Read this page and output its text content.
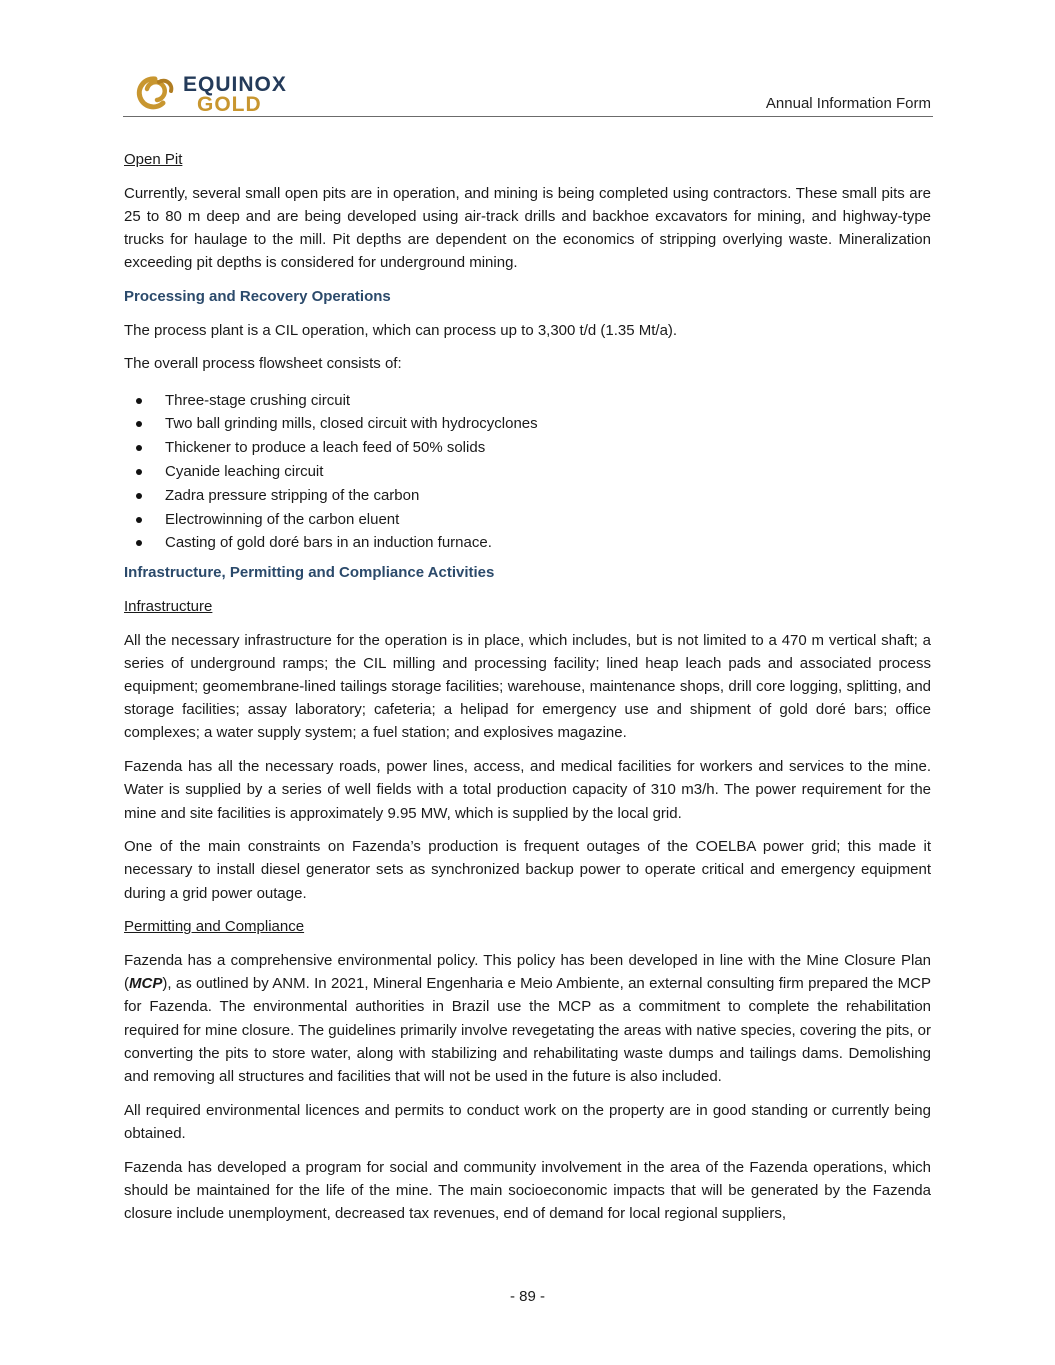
EQUINOX
GOLD	Annual Information Form
Open Pit

Currently, several small open pits are in operation, and mining is being completed using contractors. These small pits are 25 to 80 m deep and are being developed using air-track drills and backhoe excavators for mining, and highway-type trucks for haulage to the mill. Pit depths are dependent on the economics of stripping overlying waste. Mineralization exceeding pit depths is considered for underground mining.

Processing and Recovery Operations

The process plant is a CIL operation, which can process up to 3,300 t/d (1.35 Mt/a).

The overall process flowsheet consists of:

Three-stage crushing circuit
Two ball grinding mills, closed circuit with hydrocyclones
Thickener to produce a leach feed of 50% solids
Cyanide leaching circuit
Zadra pressure stripping of the carbon
Electrowinning of the carbon eluent
Casting of gold doré bars in an induction furnace.
Infrastructure, Permitting and Compliance Activities
Infrastructure

All the necessary infrastructure for the operation is in place, which includes, but is not limited to a 470 m vertical shaft; a series of underground ramps; the CIL milling and processing facility; lined heap leach pads and associated process equipment; geomembrane-lined tailings storage facilities; warehouse, maintenance shops, drill core logging, splitting, and storage facilities; assay laboratory; cafeteria; a helipad for emergency use and shipment of gold doré bars; office complexes; a water supply system; a fuel station; and explosives magazine.

Fazenda has all the necessary roads, power lines, access, and medical facilities for workers and services to the mine. Water is supplied by a series of well fields with a total production capacity of 310 m3/h. The power requirement for the mine and site facilities is approximately 9.95 MW, which is supplied by the local grid.

One of the main constraints on Fazenda’s production is frequent outages of the COELBA power grid; this made it necessary to install diesel generator sets as synchronized backup power to operate critical and emergency equipment during a grid power outage.

Permitting and Compliance

Fazenda has a comprehensive environmental policy. This policy has been developed in line with the Mine Closure Plan (MCP), as outlined by ANM. In 2021, Mineral Engenharia e Meio Ambiente, an external consulting firm prepared the MCP for Fazenda. The environmental authorities in Brazil use the MCP as a commitment to complete the rehabilitation required for mine closure. The guidelines primarily involve revegetating the areas with native species, covering the pits, or converting the pits to store water, along with stabilizing and rehabilitating waste dumps and tailings dams. Demolishing and removing all structures and facilities that will not be used in the future is also included.

All required environmental licences and permits to conduct work on the property are in good standing or currently being obtained.

Fazenda has developed a program for social and community involvement in the area of the Fazenda operations, which should be maintained for the life of the mine. The main socioeconomic impacts that will be generated by the Fazenda closure include unemployment, decreased tax revenues, end of demand for local regional suppliers,

- 89 -
